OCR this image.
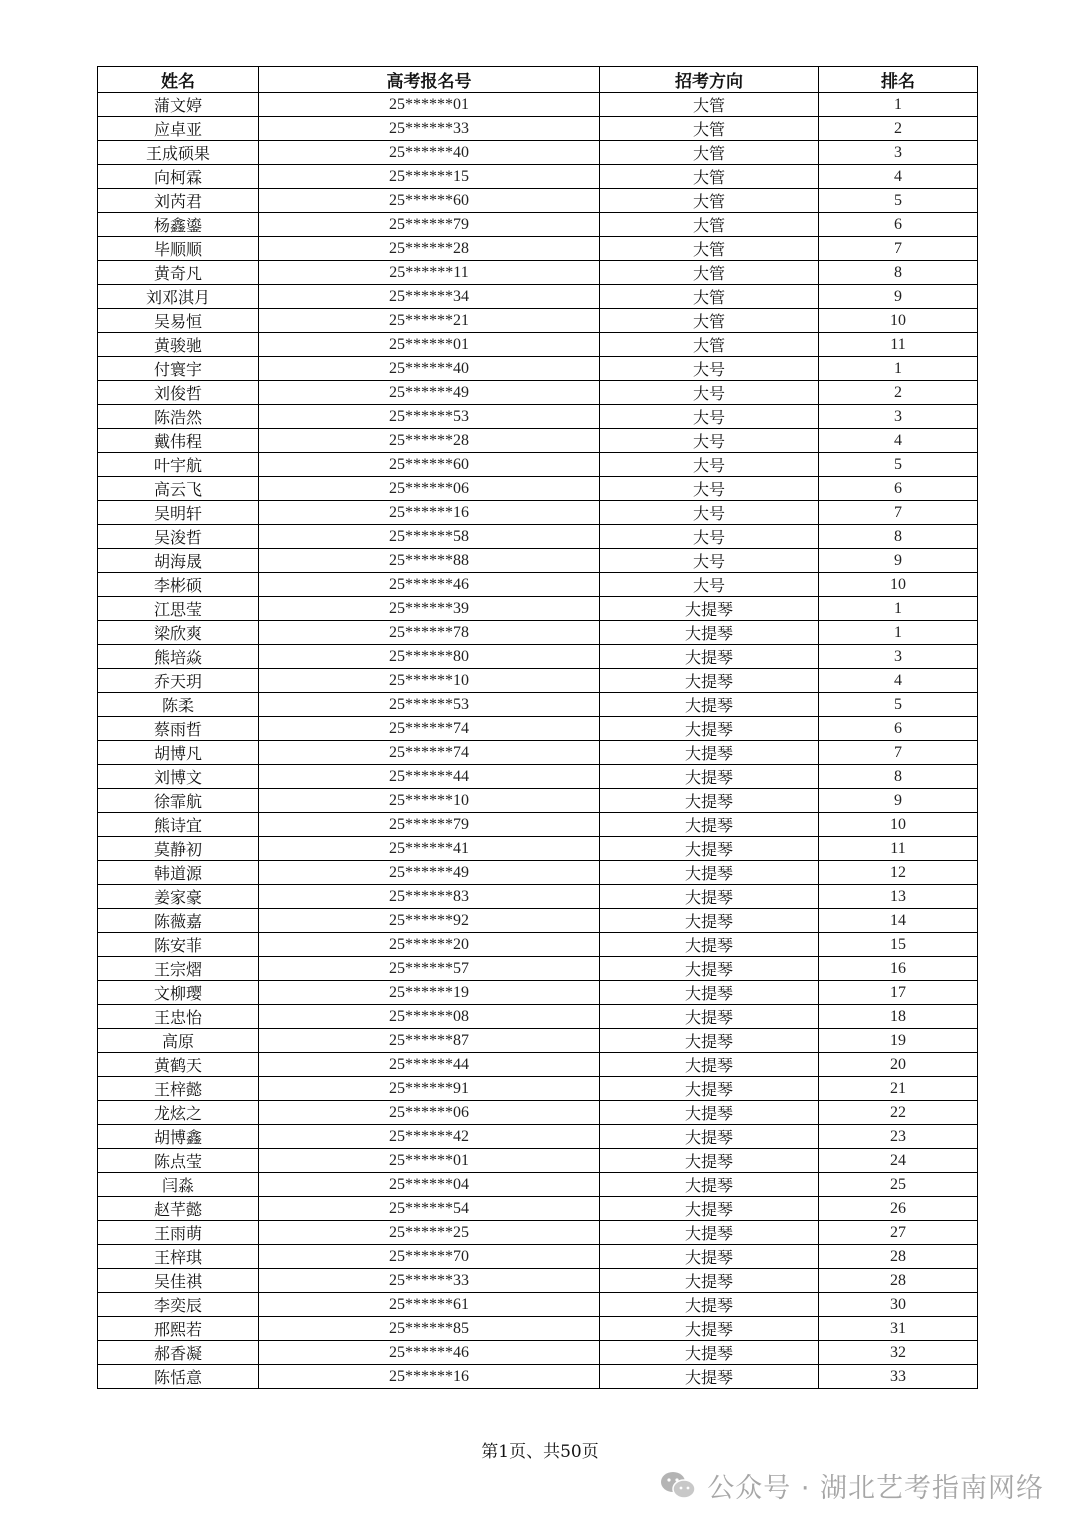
姓名	高考报名号	招考方向	排名
蒲文婷	25******01	大管	1
应卓亚	25******33	大管	2
王成硕果	25******40	大管	3
向柯霖	25******15	大管	4
刘芮君	25******60	大管	5
杨鑫鎏	25******79	大管	6
毕顺顺	25******28	大管	7
黄奇凡	25******11	大管	8
刘邓淇月	25******34	大管	9
吴易恒	25******21	大管	10
黄骏驰	25******01	大管	11
付寰宇	25******40	大号	1
刘俊哲	25******49	大号	2
陈浩然	25******53	大号	3
戴伟程	25******28	大号	4
叶宇航	25******60	大号	5
高云飞	25******06	大号	6
吴明轩	25******16	大号	7
吴浚哲	25******58	大号	8
胡海晟	25******88	大号	9
李彬硕	25******46	大号	10
江思莹	25******39	大提琴	1
梁欣爽	25******78	大提琴	1
熊培焱	25******80	大提琴	3
乔天玥	25******10	大提琴	4
陈柔	25******53	大提琴	5
蔡雨哲	25******74	大提琴	6
胡博凡	25******74	大提琴	7
刘博文	25******44	大提琴	8
徐霏航	25******10	大提琴	9
熊诗宜	25******79	大提琴	10
莫静初	25******41	大提琴	11
韩道源	25******49	大提琴	12
姜家豪	25******83	大提琴	13
陈薇嘉	25******92	大提琴	14
陈安菲	25******20	大提琴	15
王宗熠	25******57	大提琴	16
文柳璎	25******19	大提琴	17
王忠怡	25******08	大提琴	18
高原	25******87	大提琴	19
黄鹤天	25******44	大提琴	20
王梓懿	25******91	大提琴	21
龙炫之	25******06	大提琴	22
胡博鑫	25******42	大提琴	23
陈点莹	25******01	大提琴	24
闫淼	25******04	大提琴	25
赵芊懿	25******54	大提琴	26
王雨萌	25******25	大提琴	27
王梓琪	25******70	大提琴	28
吴佳祺	25******33	大提琴	28
李奕辰	25******61	大提琴	30
邢熙若	25******85	大提琴	31
郝香凝	25******46	大提琴	32
陈恬意	25******16	大提琴	33
第1页、共50页
公众号 · 湖北艺考指南网络
